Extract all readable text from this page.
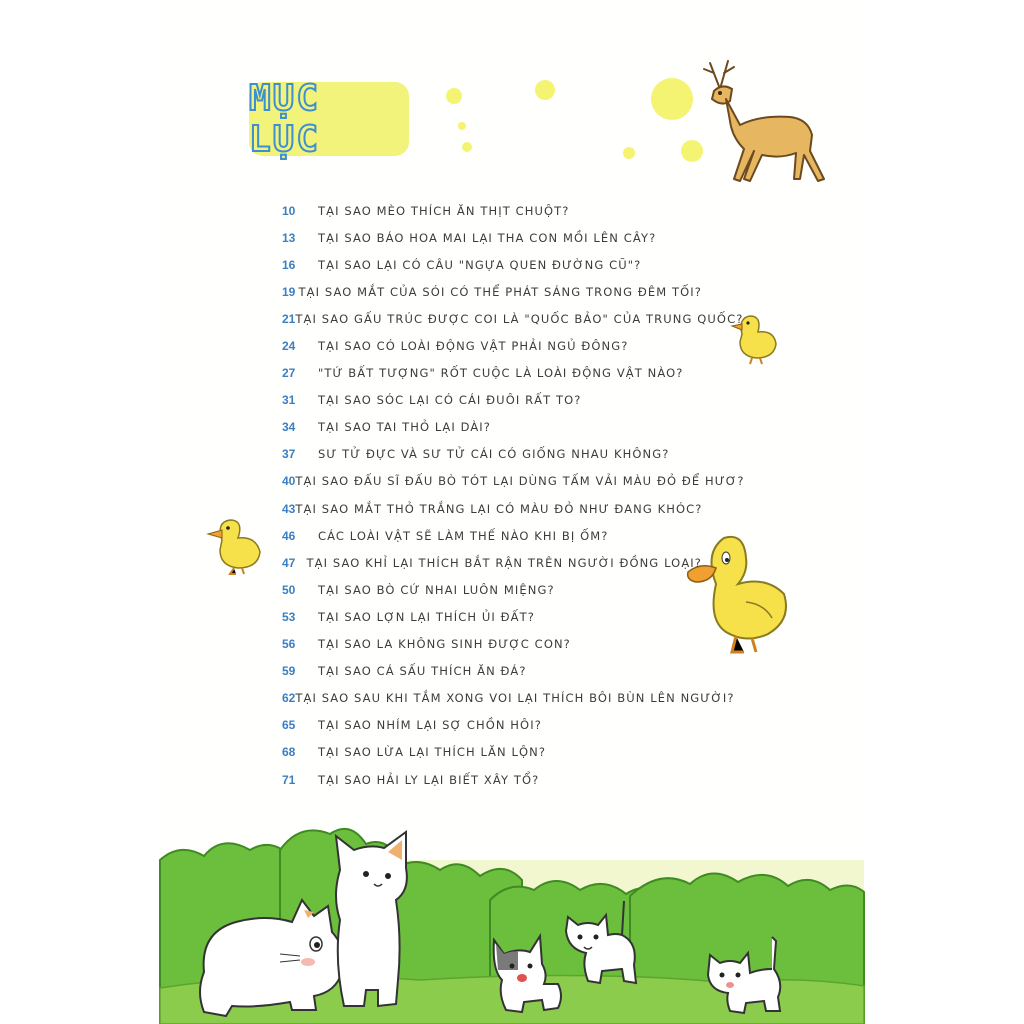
MỤC LỤC
10	TẠI SAO MÈO THÍCH ĂN THỊT CHUỘT?
13	TẠI SAO BÁO HOA MAI LẠI THA CON MỒI LÊN CÂY?
16	TẠI SAO LẠI CÓ CÂU "NGỰA QUEN ĐƯỜNG CŨ"?
19 TẠI SAO MẮT CỦA SÓI CÓ THỂ PHÁT SÁNG TRONG ĐÊM TỐI?
21 TẠI SAO GẤU TRÚC ĐƯỢC COI LÀ "QUỐC BẢO" CỦA TRUNG QUỐC?
24	TẠI SAO CÓ LOÀI ĐỘNG VẬT PHẢI NGỦ ĐÔNG?
27	"TỨ BẤT TƯỢNG" RỐT CUỘC LÀ LOÀI ĐỘNG VẬT NÀO?
31	TẠI SAO SÓC LẠI CÓ CÁI ĐUÔI RẤT TO?
34	TẠI SAO TAI THỎ LẠI DÀI?
37	SƯ TỬ ĐỰC VÀ SƯ TỬ CÁI CÓ GIỐNG NHAU KHÔNG?
40 TẠI SAO ĐẤU SĨ ĐẤU BÒ TÓT LẠI DÙNG TẤM VẢI MÀU ĐỎ ĐỂ HƯƠ?
43 TẠI SAO MẮT THỎ TRẮNG LẠI CÓ MÀU ĐỎ NHƯ ĐANG KHÓC?
46	CÁC LOÀI VẬT SẼ LÀM THẾ NÀO KHI BỊ ỐM?
47 TẠI SAO KHỈ LẠI THÍCH BẮT RẬN TRÊN NGƯỜI ĐỒNG LOẠI?
50	TẠI SAO BÒ CỨ NHAI LUÔN MIỆNG?
53	TẠI SAO LỢN LẠI THÍCH ỦI ĐẤT?
56	TẠI SAO LA KHÔNG SINH ĐƯỢC CON?
59	TẠI SAO CÁ SẤU THÍCH ĂN ĐÁ?
62 TẠI SAO SAU KHI TẮM XONG VOI LẠI THÍCH BÔI BÙN LÊN NGƯỜI?
65	TẠI SAO NHÍM LẠI SỢ CHỒN HÔI?
68	TẠI SAO LỪA LẠI THÍCH LĂN LỘN?
71	TẠI SAO HẢI LY LẠI BIẾT XÂY TỔ?
